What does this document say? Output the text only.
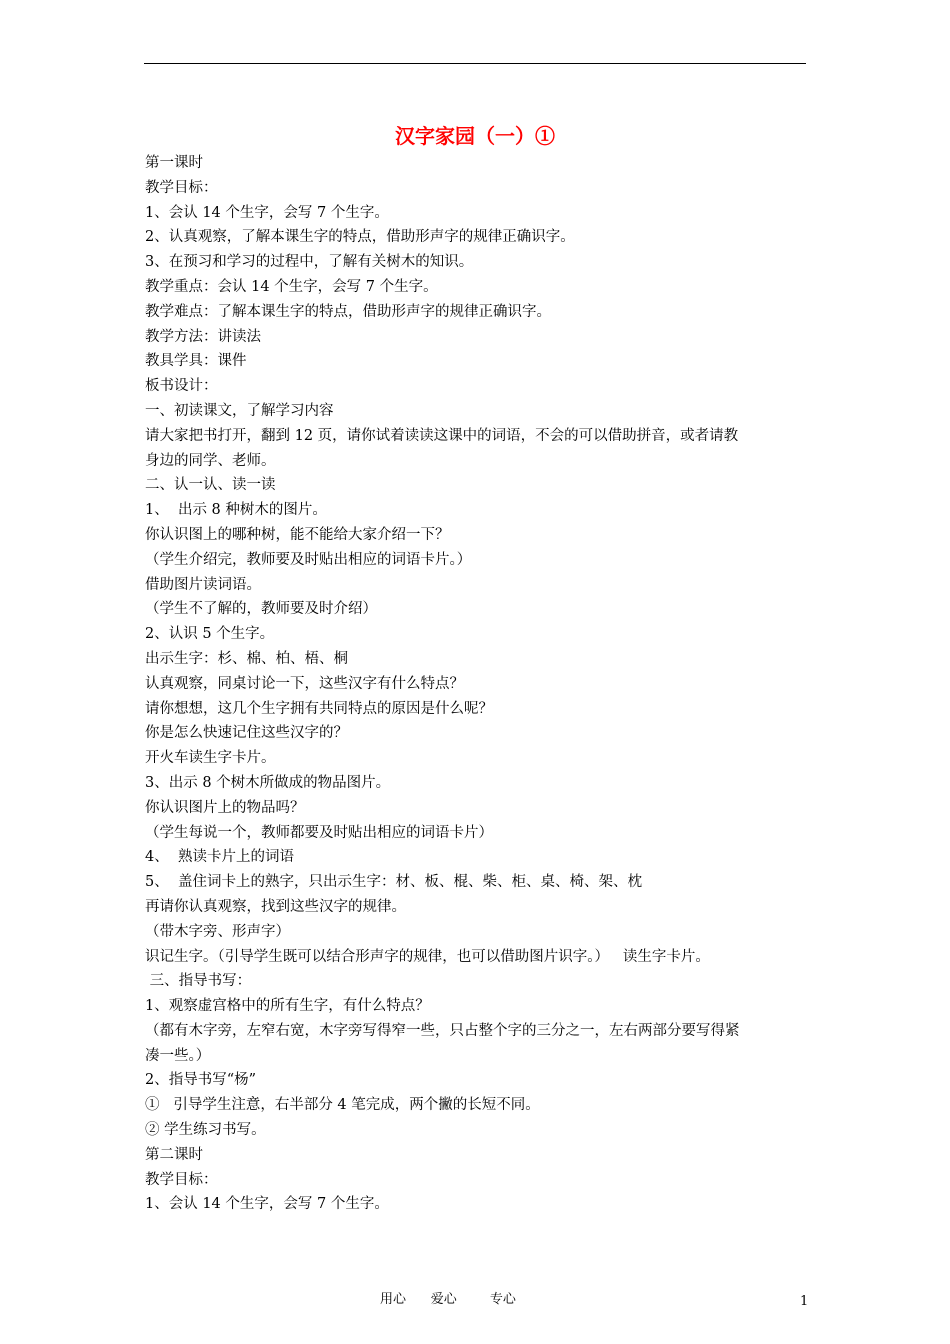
汉字家园（一）①

第一课时

教学目标：

1、会认 14 个生字，会写 7 个生字。

2、认真观察，了解本课生字的特点，借助形声字的规律正确识字。

3、在预习和学习的过程中，了解有关树木的知识。

教学重点：会认 14 个生字，会写 7 个生字。

教学难点：了解本课生字的特点，借助形声字的规律正确识字。

教学方法：讲读法

教具学具：课件

板书设计：

一、初读课文，了解学习内容

请大家把书打开，翻到 12 页，请你试着读读这课中的词语，不会的可以借助拼音，或者请教

身边的同学、老师。

二、认一认、读一读

1、  出示 8 种树木的图片。

你认识图上的哪种树，能不能给大家介绍一下？

（学生介绍完，教师要及时贴出相应的词语卡片。）

借助图片读词语。

（学生不了解的，教师要及时介绍）

2、认识 5 个生字。

出示生字：杉、棉、柏、梧、桐

认真观察，同桌讨论一下，这些汉字有什么特点？

请你想想，这几个生字拥有共同特点的原因是什么呢？

你是怎么快速记住这些汉字的？

开火车读生字卡片。

3、出示 8 个树木所做成的物品图片。

你认识图片上的物品吗？

（学生每说一个，教师都要及时贴出相应的词语卡片）

4、  熟读卡片上的词语

5、  盖住词卡上的熟字，只出示生字：材、板、棍、柴、柜、桌、椅、架、枕

再请你认真观察，找到这些汉字的规律。

（带木字旁、形声字）

识记生字。（引导学生既可以结合形声字的规律，也可以借助图片识字。）   读生字卡片。

三、指导书写：

1、观察虚宫格中的所有生字，有什么特点？

（都有木字旁，左窄右宽，木字旁写得窄一些，只占整个字的三分之一，左右两部分要写得紧

凑一些。）

2、指导书写“杨”

①   引导学生注意，右半部分 4 笔完成，两个撇的长短不同。

② 学生练习书写。

第二课时

教学目标：

1、会认 14 个生字，会写 7 个生字。

用心      爱心        专心	1
